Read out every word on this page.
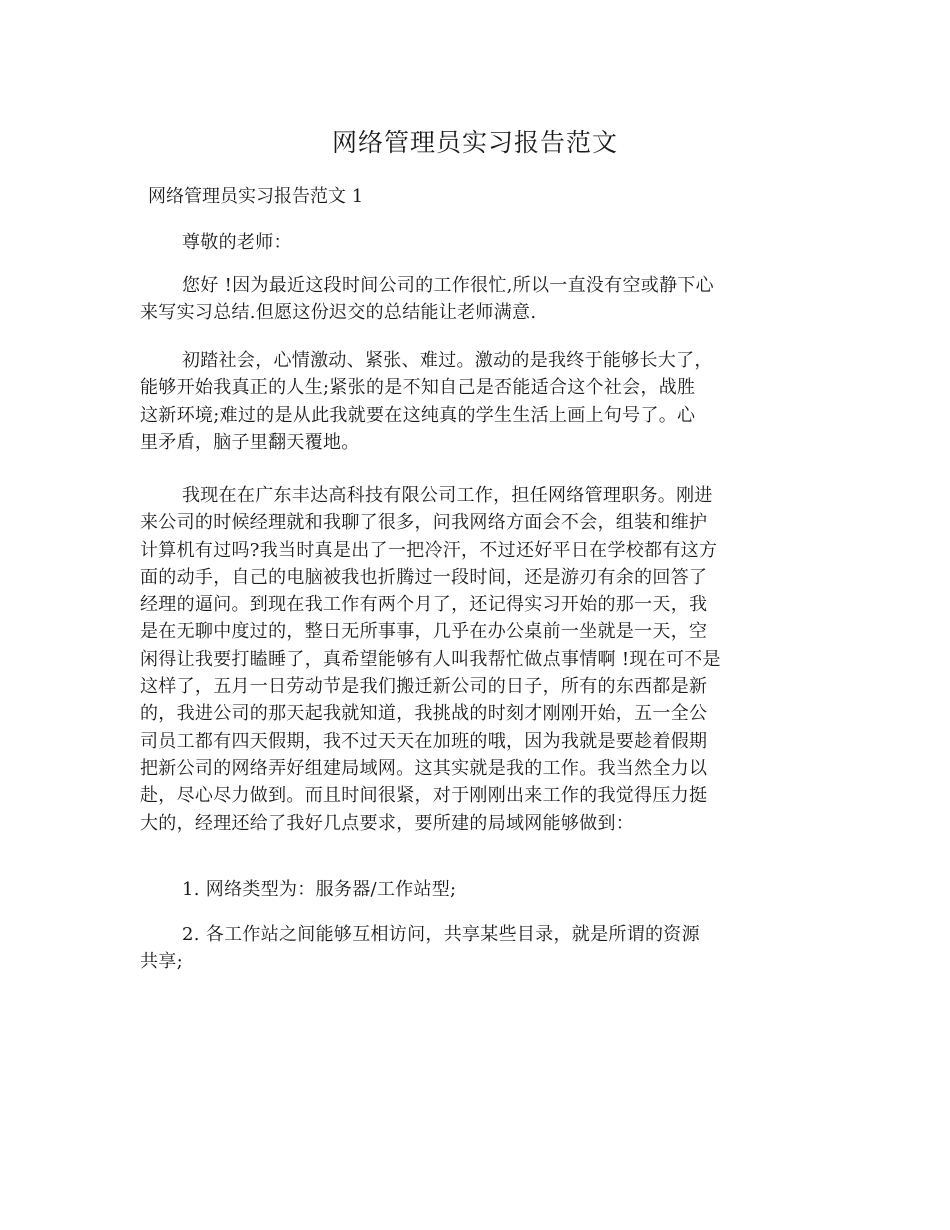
网络管理员实习报告范文

网络管理员实习报告范文 1

尊敬的老师：

您好 !因为最近这段时间公司的工作很忙,所以一直没有空或静下心
来写实习总结.但愿这份迟交的总结能让老师满意.

初踏社会，心情激动、紧张、难过。激动的是我终于能够长大了，
能够开始我真正的人生;紧张的是不知自己是否能适合这个社会，战胜
这新环境;难过的是从此我就要在这纯真的学生生活上画上句号了。心
里矛盾，脑子里翻天覆地。

我现在在广东丰达高科技有限公司工作，担任网络管理职务。刚进
来公司的时候经理就和我聊了很多，问我网络方面会不会，组装和维护
计算机有过吗?我当时真是出了一把冷汗，不过还好平日在学校都有这方
面的动手，自己的电脑被我也折腾过一段时间，还是游刃有余的回答了
经理的逼问。到现在我工作有两个月了，还记得实习开始的那一天，我
是在无聊中度过的，整日无所事事，几乎在办公桌前一坐就是一天，空
闲得让我要打瞌睡了，真希望能够有人叫我帮忙做点事情啊 !现在可不是
这样了，五月一日劳动节是我们搬迁新公司的日子，所有的东西都是新
的，我进公司的那天起我就知道，我挑战的时刻才刚刚开始，五一全公
司员工都有四天假期，我不过天天在加班的哦，因为我就是要趁着假期
把新公司的网络弄好组建局域网。这其实就是我的工作。我当然全力以
赴，尽心尽力做到。而且时间很紧，对于刚刚出来工作的我觉得压力挺
大的，经理还给了我好几点要求，要所建的局域网能够做到：

1. 网络类型为：服务器/工作站型;

2. 各工作站之间能够互相访问，共享某些目录，就是所谓的资源
共享;
